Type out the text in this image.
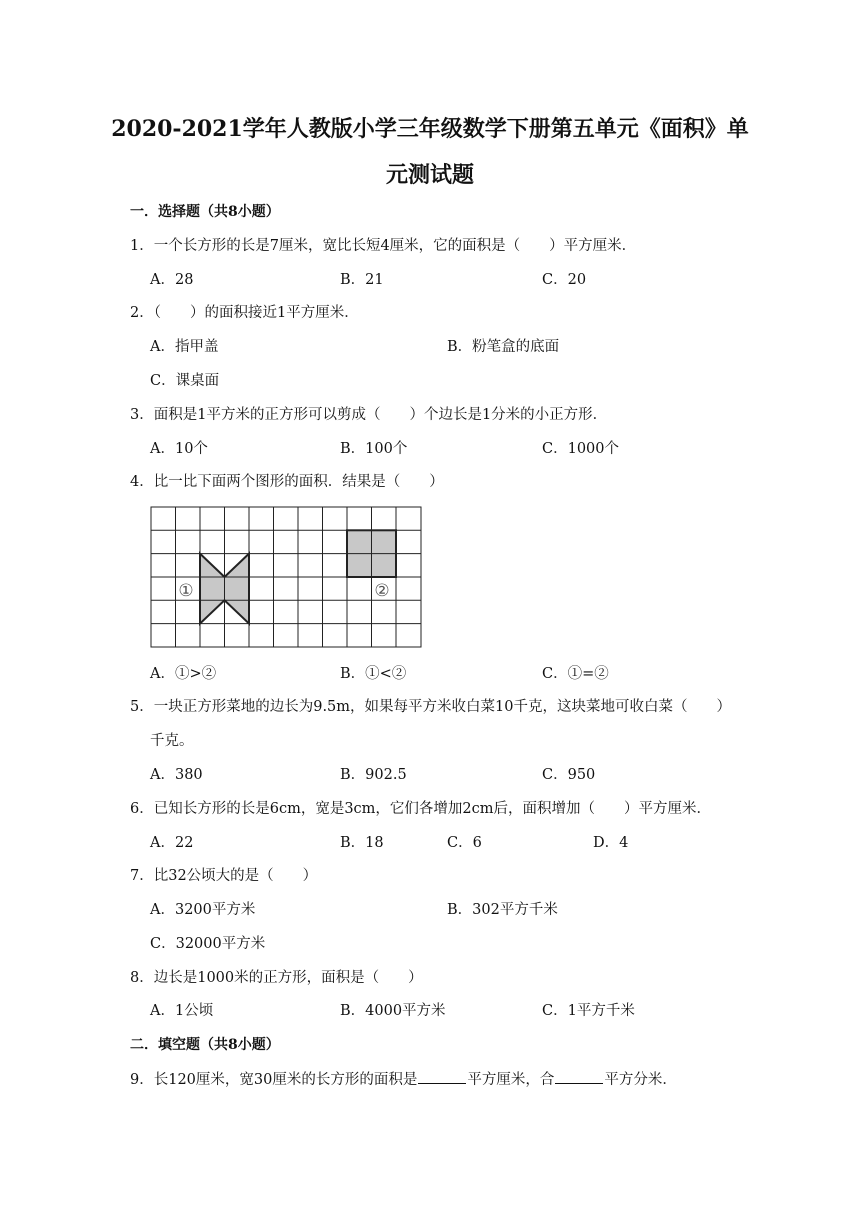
2020-2021学年人教版小学三年级数学下册第五单元《面积》单
元测试题
一．选择题（共8小题）
1．一个长方形的长是7厘米，宽比长短4厘米，它的面积是（　　）平方厘米．
A．28	B．21	C．20
2．（　　）的面积接近1平方厘米．
A．指甲盖	B．粉笔盒的底面
C．课桌面
3．面积是1平方米的正方形可以剪成（　　）个边长是1分米的小正方形．
A．10个	B．100个	C．1000个
4．比一比下面两个图形的面积．结果是（　　）
①	②
A．①>②	B．①<②	C．①=②
5．一块正方形菜地的边长为9.5m，如果每平方米收白菜10千克，这块菜地可收白菜（　　）
千克。
A．380	B．902.5	C．950
6．已知长方形的长是6cm，宽是3cm，它们各增加2cm后，面积增加（　　）平方厘米．
A．22	B．18	C．6	D．4
7．比32公顷大的是（　　）
A．3200平方米	B．302平方千米
C．32000平方米
8．边长是1000米的正方形，面积是（　　）
A．1公顷	B．4000平方米	C．1平方千米
二．填空题（共8小题）
9．长120厘米，宽30厘米的长方形的面积是	平方厘米，合	平方分米．
